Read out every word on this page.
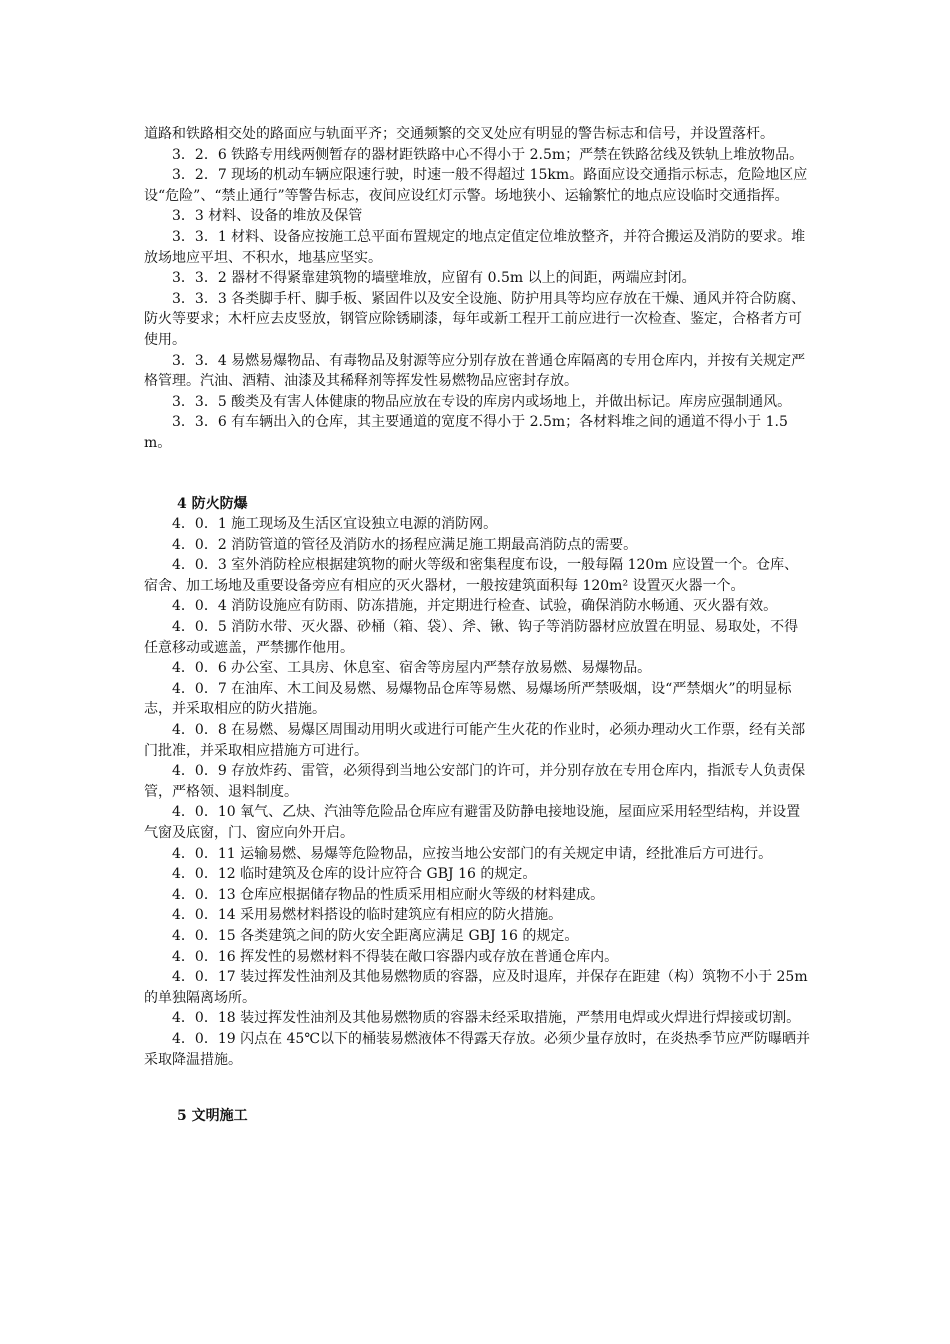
道路和铁路相交处的路面应与轨面平齐；交通频繁的交叉处应有明显的警告标志和信号，并设置落杆。

3．2．6 铁路专用线两侧暂存的器材距铁路中心不得小于 2.5m；严禁在铁路岔线及铁轨上堆放物品。

3．2．7 现场的机动车辆应限速行驶，时速一般不得超过 15km。路面应设交通指示标志，危险地区应设“危险”、“禁止通行”等警告标志，夜间应设红灯示警。场地狭小、运输繁忙的地点应设临时交通指挥。

3．3 材料、设备的堆放及保管

3．3．1 材料、设备应按施工总平面布置规定的地点定值定位堆放整齐，并符合搬运及消防的要求。堆放场地应平坦、不积水，地基应坚实。

3．3．2 器材不得紧靠建筑物的墙壁堆放，应留有 0.5m 以上的间距，两端应封闭。

3．3．3 各类脚手杆、脚手板、紧固件以及安全设施、防护用具等均应存放在干燥、通风并符合防腐、防火等要求；木杆应去皮竖放，钢管应除锈刷漆，每年或新工程开工前应进行一次检查、鉴定，合格者方可使用。

3．3．4 易燃易爆物品、有毒物品及射源等应分别存放在普通仓库隔离的专用仓库内，并按有关规定严格管理。汽油、酒精、油漆及其稀释剂等挥发性易燃物品应密封存放。

3．3．5 酸类及有害人体健康的物品应放在专设的库房内或场地上，并做出标记。库房应强制通风。

3．3．6 有车辆出入的仓库，其主要通道的宽度不得小于 2.5m；各材料堆之间的通道不得小于 1.5m。

4 防火防爆

4．0．1 施工现场及生活区宜设独立电源的消防网。

4．0．2 消防管道的管径及消防水的扬程应满足施工期最高消防点的需要。

4．0．3 室外消防栓应根据建筑物的耐火等级和密集程度布设，一般每隔 120m 应设置一个。仓库、宿舍、加工场地及重要设备旁应有相应的灭火器材，一般按建筑面积每 120m² 设置灭火器一个。

4．0．4 消防设施应有防雨、防冻措施，并定期进行检查、试验，确保消防水畅通、灭火器有效。

4．0．5 消防水带、灭火器、砂桶（箱、袋）、斧、锹、钩子等消防器材应放置在明显、易取处，不得任意移动或遮盖，严禁挪作他用。

4．0．6 办公室、工具房、休息室、宿舍等房屋内严禁存放易燃、易爆物品。

4．0．7 在油库、木工间及易燃、易爆物品仓库等易燃、易爆场所严禁吸烟，设“严禁烟火”的明显标志，并采取相应的防火措施。

4．0．8 在易燃、易爆区周围动用明火或进行可能产生火花的作业时，必须办理动火工作票，经有关部门批准，并采取相应措施方可进行。

4．0．9 存放炸药、雷管，必须得到当地公安部门的许可，并分别存放在专用仓库内，指派专人负责保管，严格领、退料制度。

4．0．10 氧气、乙炔、汽油等危险品仓库应有避雷及防静电接地设施，屋面应采用轻型结构，并设置气窗及底窗，门、窗应向外开启。

4．0．11 运输易燃、易爆等危险物品，应按当地公安部门的有关规定申请，经批准后方可进行。

4．0．12 临时建筑及仓库的设计应符合 GBJ 16 的规定。

4．0．13 仓库应根据储存物品的性质采用相应耐火等级的材料建成。

4．0．14 采用易燃材料搭设的临时建筑应有相应的防火措施。

4．0．15 各类建筑之间的防火安全距离应满足 GBJ 16 的规定。

4．0．16 挥发性的易燃材料不得装在敞口容器内或存放在普通仓库内。

4．0．17 装过挥发性油剂及其他易燃物质的容器，应及时退库，并保存在距建（构）筑物不小于 25m 的单独隔离场所。

4．0．18 装过挥发性油剂及其他易燃物质的容器未经采取措施，严禁用电焊或火焊进行焊接或切割。

4．0．19 闪点在 45℃以下的桶装易燃液体不得露天存放。必须少量存放时，在炎热季节应严防曝晒并采取降温措施。

5 文明施工
